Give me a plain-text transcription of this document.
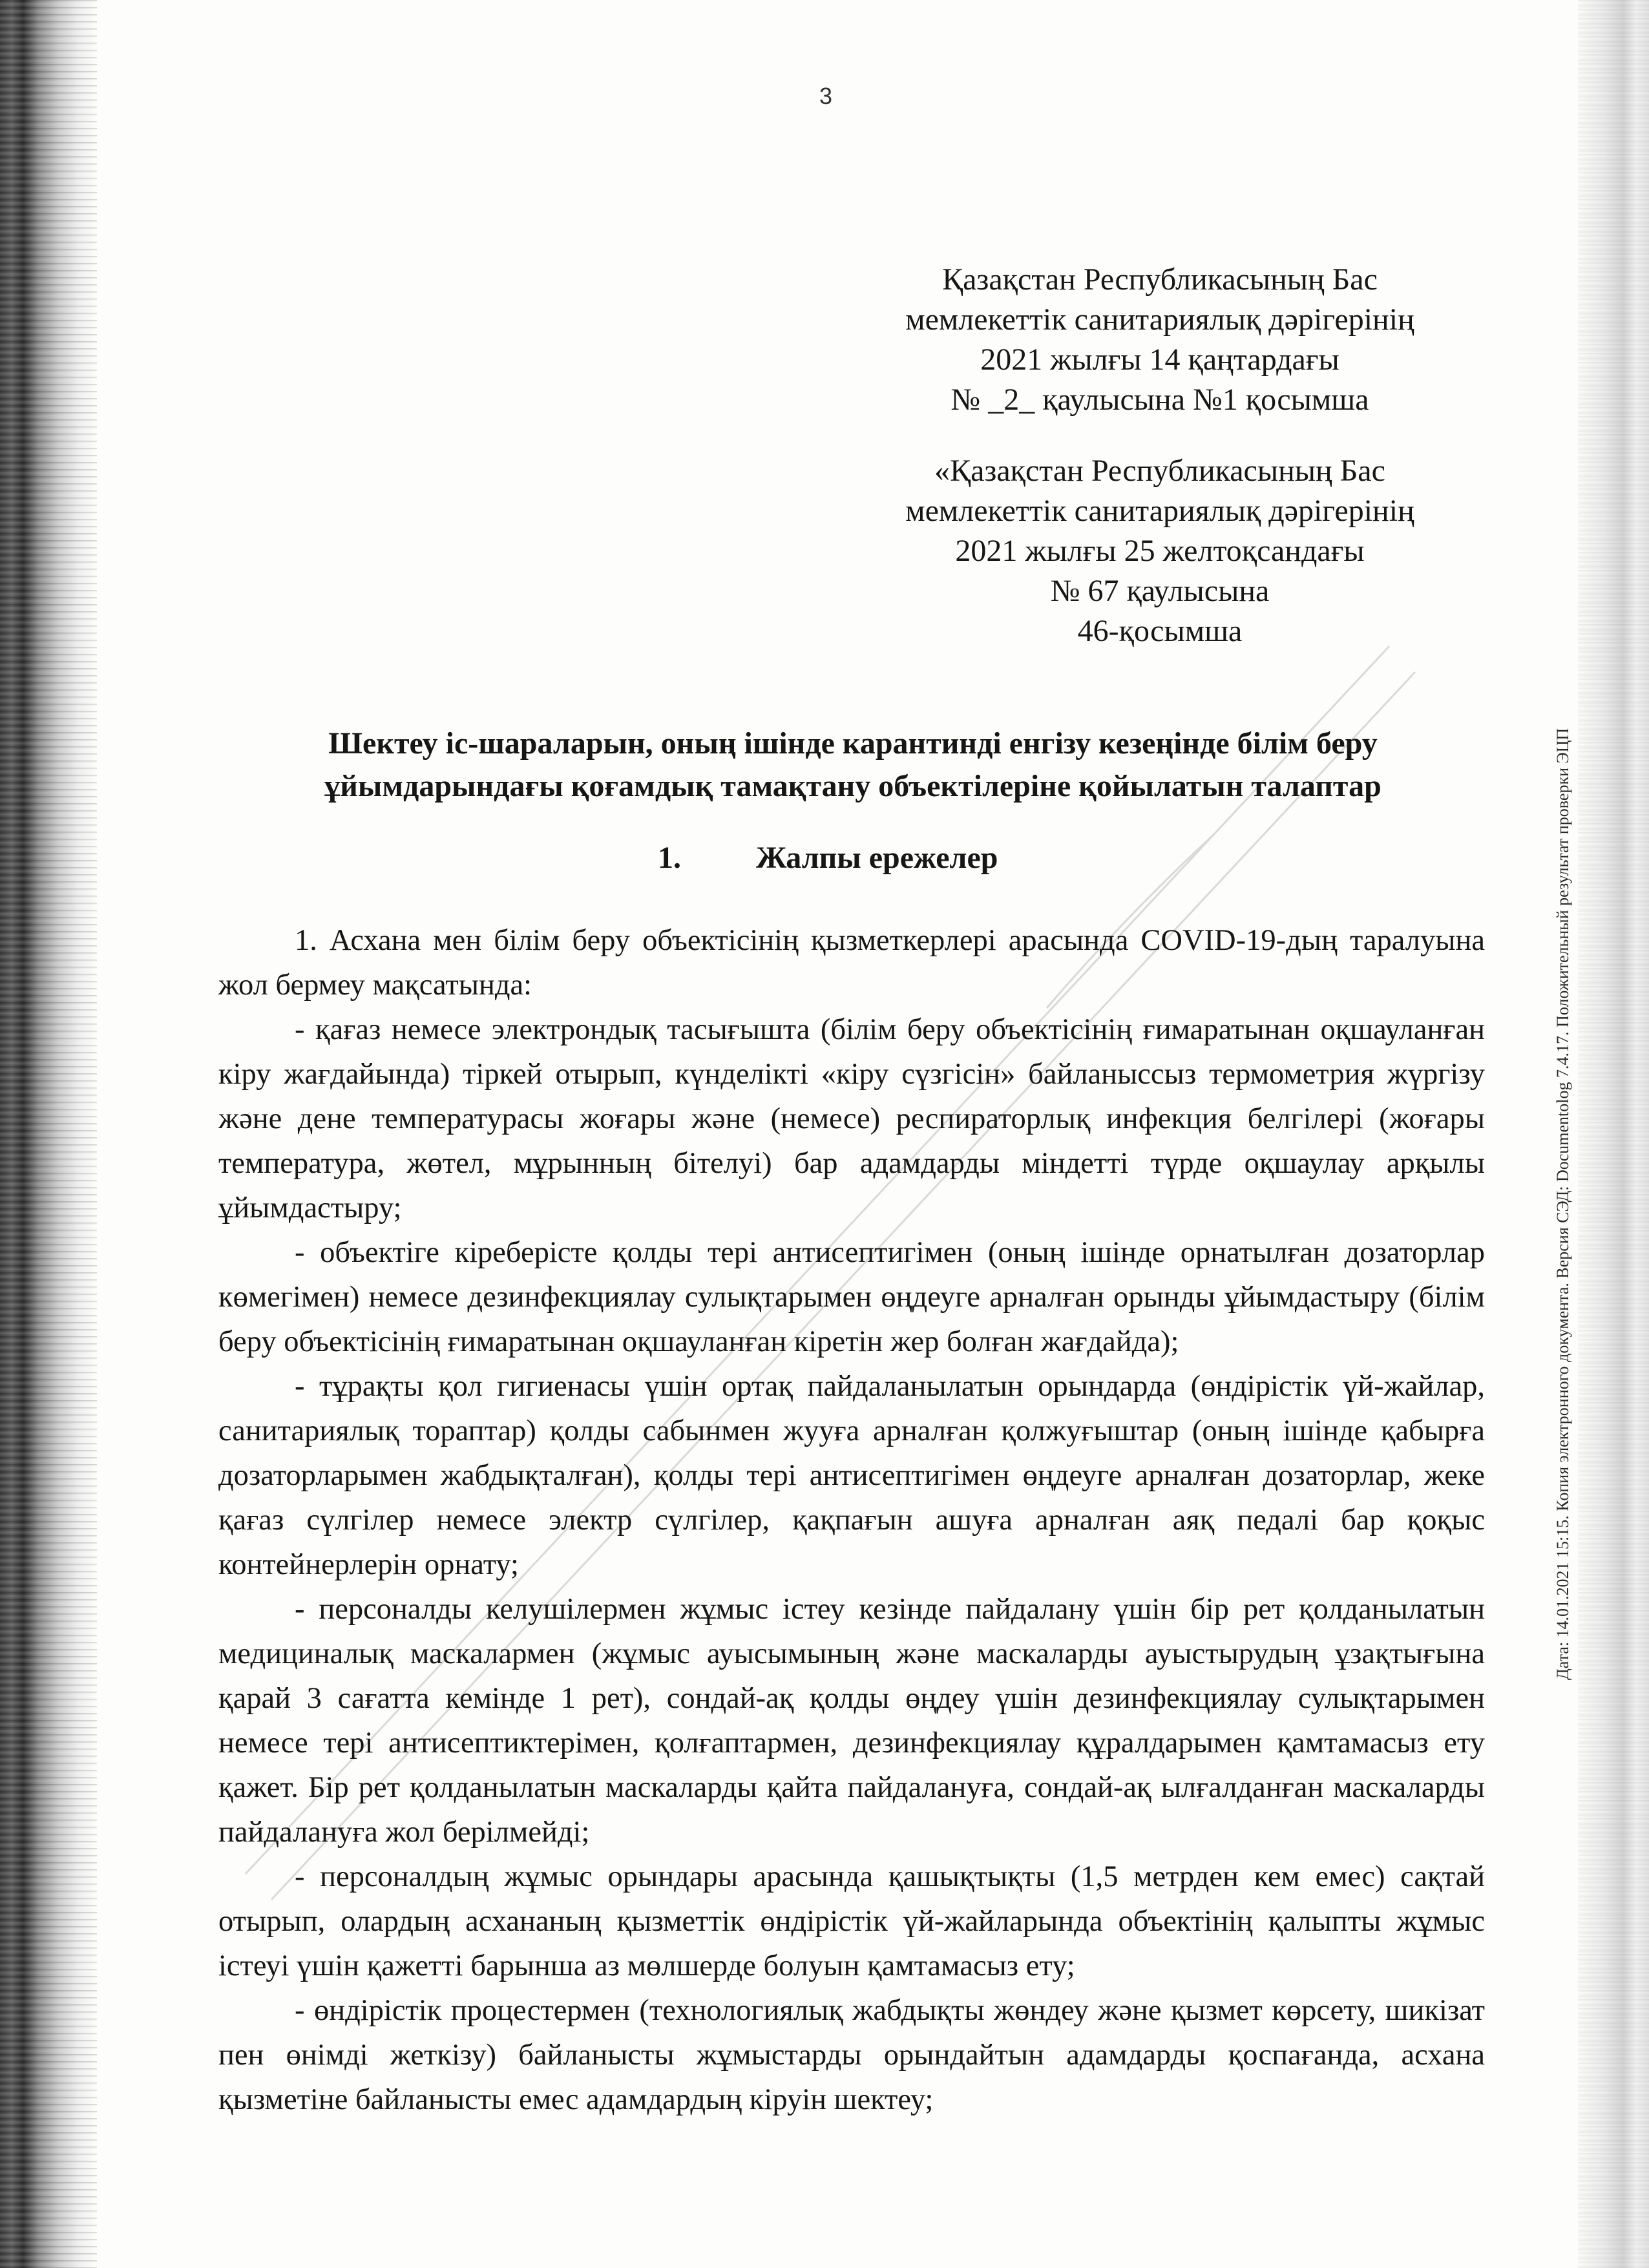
3
Қазақстан Республикасының Бас
мемлекеттік санитариялық дәрігерінің
2021 жылғы 14 қаңтардағы
№ _2_ қаулысына №1 қосымша
«Қазақстан Республикасының Бас
мемлекеттік санитариялық дәрігерінің
2021 жылғы 25 желтоқсандағы
№ 67 қаулысына
46-қосымша
Шектеу іс-шараларын, оның ішінде карантинді енгізу кезеңінде білім беру
ұйымдарындағы қоғамдық тамақтану объектілеріне қойылатын талаптар
1. Жалпы ережелер

1. Асхана мен білім беру объектісінің қызметкерлері арасында COVID-19-дың таралуына жол бермеу мақсатында:

- қағаз немесе электрондық тасығышта (білім беру объектісінің ғимаратынан оқшауланған кіру жағдайында) тіркей отырып, күнделікті «кіру сүзгісін» байланыссыз термометрия жүргізу және дене температурасы жоғары және (немесе) респираторлық инфекция белгілері (жоғары температура, жөтел, мұрынның бітелуі) бар адамдарды міндетті түрде оқшаулау арқылы ұйымдастыру;

- объектіге кіреберісте қолды тері антисептигімен (оның ішінде орнатылған дозаторлар көмегімен) немесе дезинфекциялау сулықтарымен өңдеуге арналған орынды ұйымдастыру (білім беру объектісінің ғимаратынан оқшауланған кіретін жер болған жағдайда);

- тұрақты қол гигиенасы үшін ортақ пайдаланылатын орындарда (өндірістік үй-жайлар, санитариялық тораптар) қолды сабынмен жууға арналған қолжуғыштар (оның ішінде қабырға дозаторларымен жабдықталған), қолды тері антисептигімен өңдеуге арналған дозаторлар, жеке қағаз сүлгілер немесе электр сүлгілер, қақпағын ашуға арналған аяқ педалі бар қоқыс контейнерлерін орнату;

- персоналды келушілермен жұмыс істеу кезінде пайдалану үшін бір рет қолданылатын медициналық маскалармен (жұмыс ауысымының және маскаларды ауыстырудың ұзақтығына қарай 3 сағатта кемінде 1 рет), сондай-ақ қолды өңдеу үшін дезинфекциялау сулықтарымен немесе тері антисептиктерімен, қолғаптармен, дезинфекциялау құралдарымен қамтамасыз ету қажет. Бір рет қолданылатын маскаларды қайта пайдалануға, сондай-ақ ылғалданған маскаларды пайдалануға жол берілмейді;

- персоналдың жұмыс орындары арасында қашықтықты (1,5 метрден кем емес) сақтай отырып, олардың асхананың қызметтік өндірістік үй-жайларында объектінің қалыпты жұмыс істеуі үшін қажетті барынша аз мөлшерде болуын қамтамасыз ету;

- өндірістік процестермен (технологиялық жабдықты жөндеу және қызмет көрсету, шикізат пен өнімді жеткізу) байланысты жұмыстарды орындайтын адамдарды қоспағанда, асхана қызметіне байланысты емес адамдардың кіруін шектеу;

Дата: 14.01.2021 15:15. Копия электронного документа. Версия СЭД: Documentolog 7.4.17. Положительный результат проверки ЭЦП
